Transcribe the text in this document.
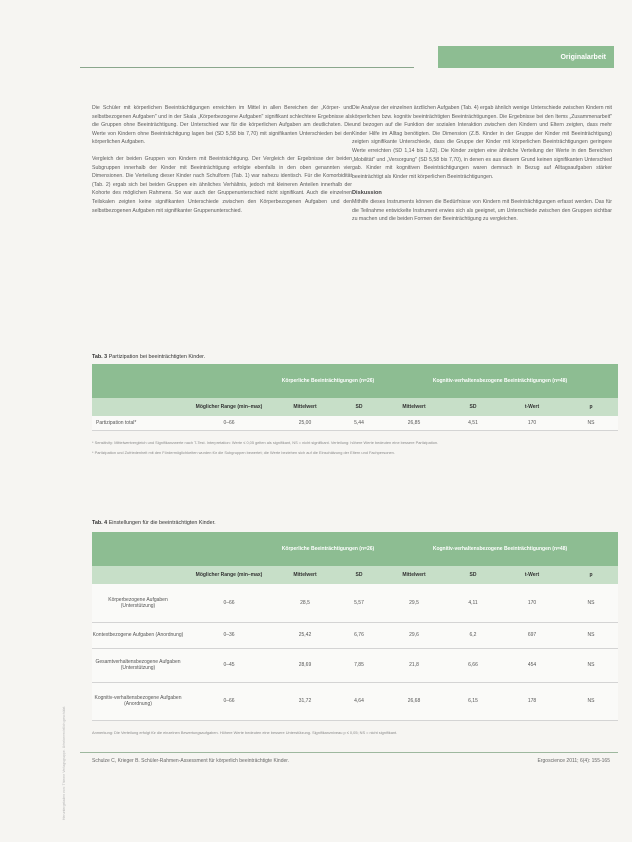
Originalarbeit
Heruntergeladen von: Thieme Verlagsgruppe. Urheberrechtlich geschützt.

Die Schüler mit körperlichen Beeinträchtigungen erreichten im Mittel in allen Bereichen der „Körper- und selbstbezogenen Aufgaben" und in der Skala „Körperbezogene Aufgaben" signifikant schlechtere Ergebnisse als die Gruppen ohne Beeinträchtigung. Der Unterschied war für die körperlichen Aufgaben am deutlichsten. Die Werte von Kindern ohne Beeinträchtigung lagen bei (SD 5,58 bis 7,70) mit signifikanten Unterschieden bei den körperlichen Aufgaben.

Vergleich der beiden Gruppen von Kindern mit Beeinträchtigung. Der Vergleich der Ergebnisse der beiden Subgruppen innerhalb der Kinder mit Beeinträchtigung erfolgte ebenfalls in den oben genannten vier Dimensionen. Die Verteilung dieser Kinder nach Schulform (Tab. 1) war nahezu identisch. Für die Komorbidität (Tab. 2) ergab sich bei beiden Gruppen ein ähnliches Verhältnis, jedoch mit kleineren Anteilen innerhalb der Kohorte des möglichen Rahmens. So war auch der Gruppenunterschied nicht signifikant. Auch die einzelnen Teilskalen zeigten keine signifikanten Unterschiede zwischen den Körperbezogenen Aufgaben und den selbstbezogenen Aufgaben mit signifikanter Gruppenunterschied.

Die Analyse der einzelnen ärztlichen Aufgaben (Tab. 4) ergab ähnlich wenige Unterschiede zwischen Kindern mit körperlichen bzw. kognitiv beeinträchtigten Beeinträchtigungen. Die Ergebnisse bei den Items „Zusammenarbeit" und bezogen auf die Funktion der sozialen Interaktion zwischen den Kindern und Eltern zeigten, dass mehr Kinder Hilfe im Alltag benötigten. Die Dimension (Z.B. Kinder in der Gruppe der Kinder mit Beeinträchtigung) zeigten signifikante Unterschiede, dass die Gruppe der Kinder mit körperlichen Beeinträchtigungen geringere Werte erreichten (SD 1,14 bis 1,62). Die Kinder zeigten eine ähnliche Verteilung der Werte in den Bereichen „Mobilität" und „Versorgung" (SD 5,58 bis 7,70), in denen es aus diesem Grund keinen signifikanten Unterschied gab. Kinder mit kognitiven Beeinträchtigungen waren demnach in Bezug auf Alltagsaufgaben stärker beeinträchtigt als Kinder mit körperlichen Beeinträchtigungen.

Diskussion

Mithilfe dieses Instruments können die Bedürfnisse von Kindern mit Beeinträchtigungen erfasst werden. Das für die Teilnahme entwickelte Instrument erwies sich als geeignet, um Unterschiede zwischen den Gruppen sichtbar zu machen und die beiden Formen der Beeinträchtigung zu vergleichen.

Tab. 3 Partizipation bei beeinträchtigten Kinder.
		Körperliche Beeinträchtigungen (n=26)		Kognitiv-verhaltensbezogene Beeinträchtigungen (n=48)			
	Möglicher Range (min–max)	Mittelwert	SD	Mittelwert	SD	t-Wert	p
Partizipation total*	0–66	25,00	5,44	26,85	4,51	170	NS
* Sensitivity: Mittelwertvergleich und Signifikanzwerte nach T-Test. Interpretation: Werte ≤ 0,05 gelten als signifikant, NS = nicht signifikant. Verteilung: höhere Werte bedeuten eine bessere Partizipation.
* Partizipation und Zufriedenheit mit den Fördermöglichkeiten wurden für die Subgruppen bewertet; die Werte beziehen sich auf die Einschätzung der Eltern und Fachpersonen.
Tab. 4 Einstellungen für die beeinträchtigten Kinder.
		Körperliche Beeinträchtigungen (n=26)		Kognitiv-verhaltensbezogene Beeinträchtigungen (n=48)			
	Möglicher Range (min–max)	Mittelwert	SD	Mittelwert	SD	t-Wert	p
Körperbezogene Aufgaben (Unterstützung)	0–66	28,5	5,57	29,5	4,11	170	NS
Kontextbezogene Aufgaben (Anordnung)	0–36	25,42	6,76	29,6	6,2	697	NS
Gesamtverhaltensbezogene Aufgaben (Unterstützung)	0–45	28,69	7,85	21,8	6,66	454	NS
Kognitiv-verhaltensbezogene Aufgaben (Anordnung)	0–66	31,72	4,64	26,68	6,15	178	NS
Anmerkung: Die Verteilung erfolgt für die einzelnen Bewertungsaufgaben. Höhere Werte bedeuten eine bessere Unterstützung. Signifikanzniveau p ≤ 0,05; NS = nicht signifikant.
Schulze C, Krieger B. Schüler-Rahmen-Assessment für körperlich beeinträchtigte Kinder.	Ergoscience 2011; 6(4): 155-165
